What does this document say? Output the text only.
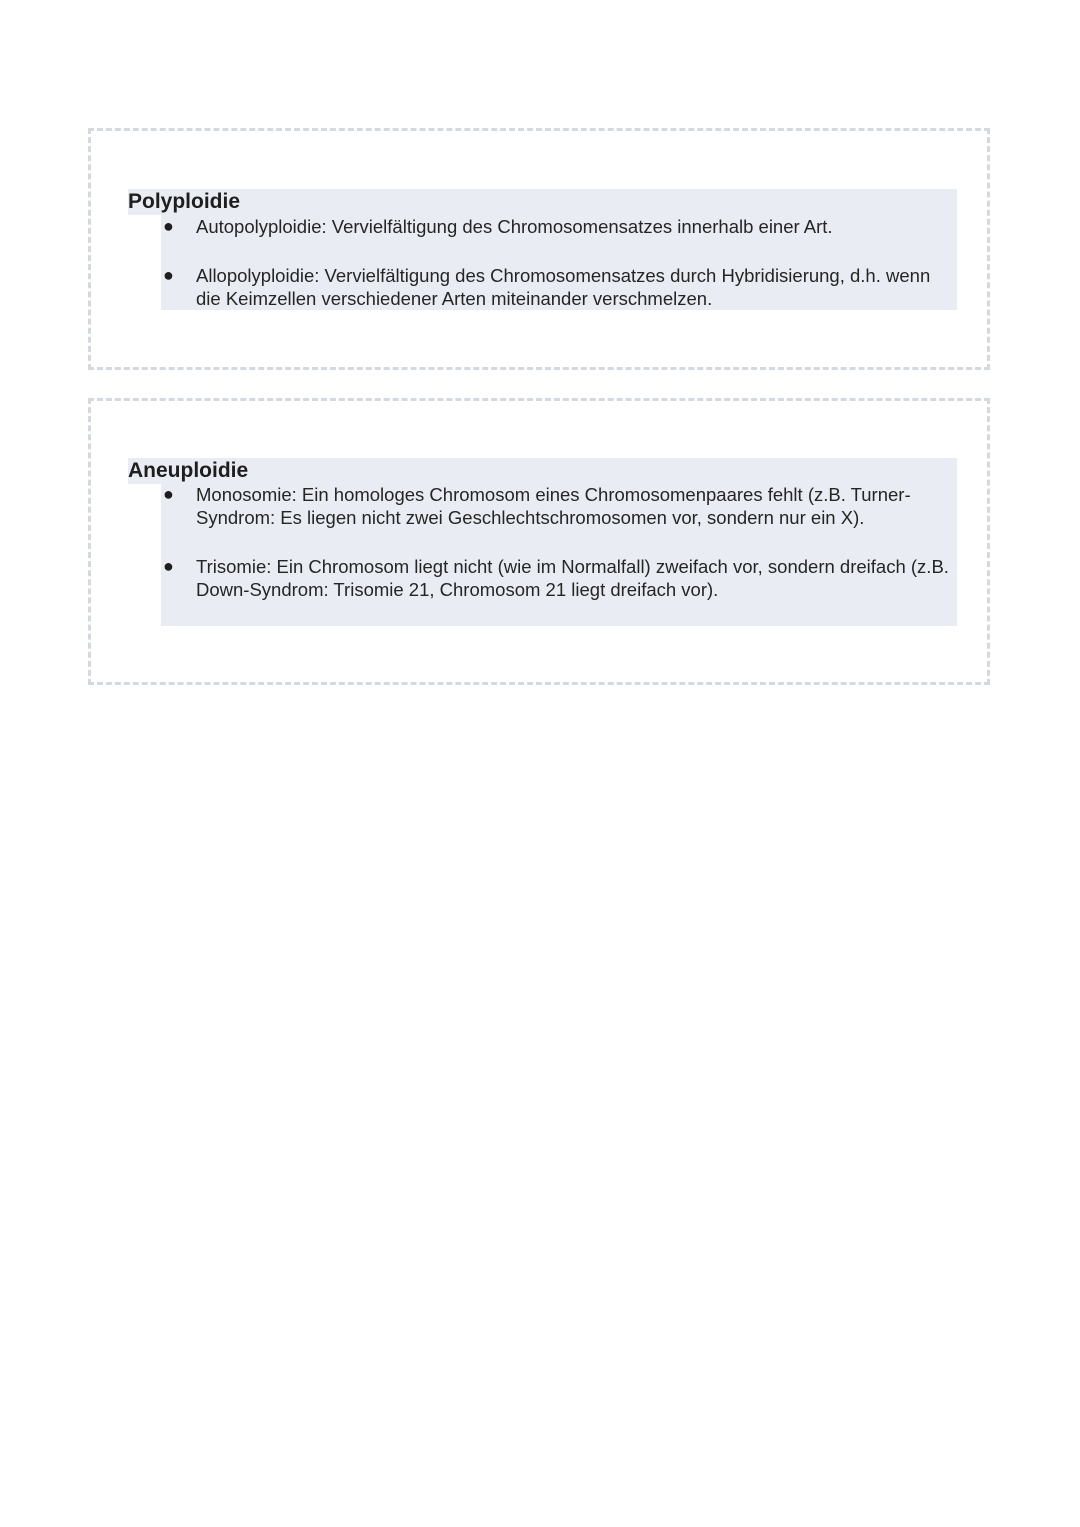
Polyploidie
● Autopolyploidie: Vervielfältigung des Chromosomensatzes innerhalb einer Art.
● Allopolyploidie: Vervielfältigung des Chromosomensatzes durch Hybridisierung, d.h. wenn die Keimzellen verschiedener Arten miteinander verschmelzen.
Aneuploidie
● Monosomie: Ein homologes Chromosom eines Chromosomenpaares fehlt (z.B. Turner-Syndrom: Es liegen nicht zwei Geschlechtschromosomen vor, sondern nur ein X).
● Trisomie: Ein Chromosom liegt nicht (wie im Normalfall) zweifach vor, sondern dreifach (z.B. Down-Syndrom: Trisomie 21, Chromosom 21 liegt dreifach vor).
